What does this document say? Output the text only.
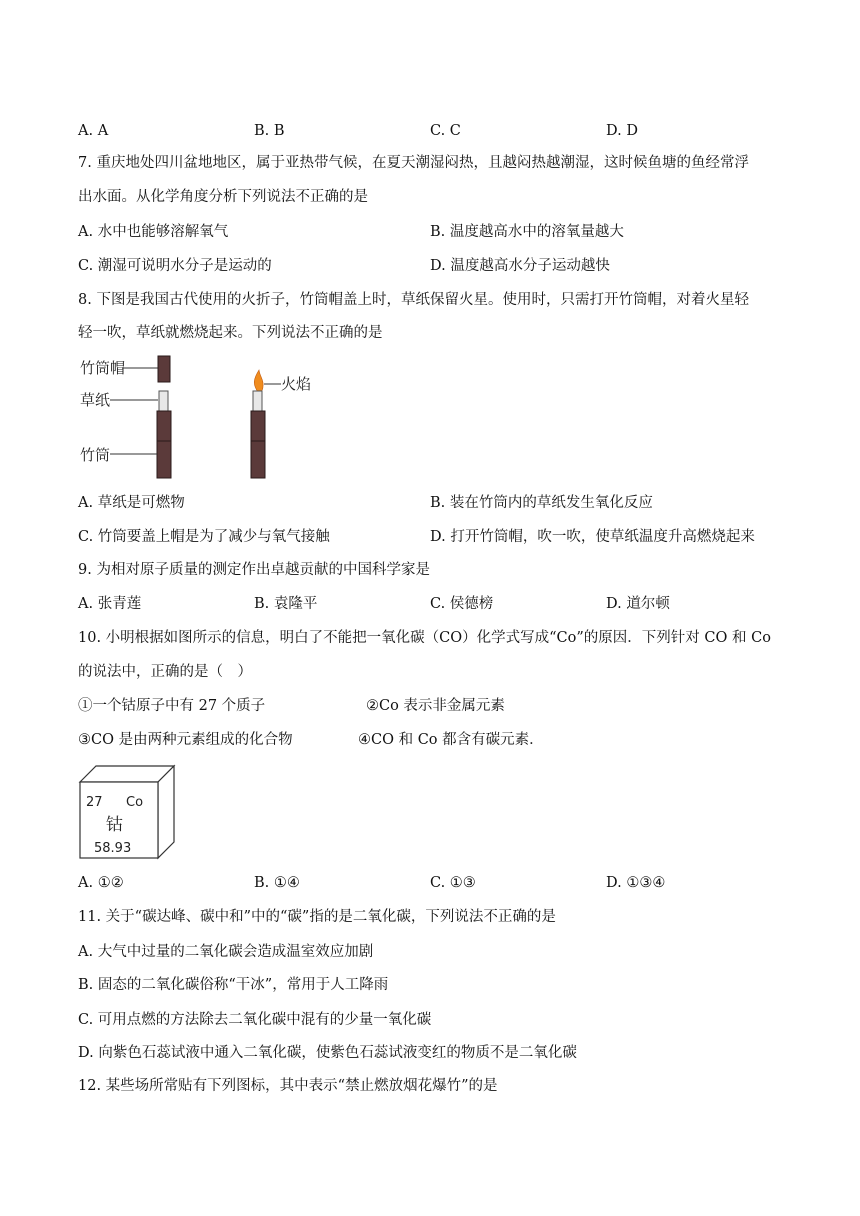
A. A	B. B	C. C	D. D
7. 重庆地处四川盆地地区，属于亚热带气候，在夏天潮湿闷热，且越闷热越潮湿，这时候鱼塘的鱼经常浮
出水面。从化学角度分析下列说法不正确的是
A. 水中也能够溶解氧气	B. 温度越高水中的溶氧量越大
C. 潮湿可说明水分子是运动的	D. 温度越高水分子运动越快
8. 下图是我国古代使用的火折子，竹筒帽盖上时，草纸保留火星。使用时，只需打开竹筒帽，对着火星轻
轻一吹，草纸就燃烧起来。下列说法不正确的是
竹筒帽
草纸
竹筒
火焰
A. 草纸是可燃物	B. 装在竹筒内的草纸发生氧化反应
C. 竹筒要盖上帽是为了减少与氧气接触	D. 打开竹筒帽，吹一吹，使草纸温度升高燃烧起来
9. 为相对原子质量的测定作出卓越贡献的中国科学家是
A. 张青莲	B. 袁隆平	C. 侯德榜	D. 道尔顿
10. 小明根据如图所示的信息，明白了不能把一氧化碳（CO）化学式写成“Co”的原因．下列针对 CO 和 Co
的说法中，正确的是（　）
①一个钴原子中有 27 个质子	②Co 表示非金属元素
③CO 是由两种元素组成的化合物	④CO 和 Co 都含有碳元素．
27 Co
钴
58.93
A. ①②	B. ①④	C. ①③	D. ①③④
11. 关于“碳达峰、碳中和”中的“碳”指的是二氧化碳，下列说法不正确的是
A. 大气中过量的二氧化碳会造成温室效应加剧
B. 固态的二氧化碳俗称“干冰”，常用于人工降雨
C. 可用点燃的方法除去二氧化碳中混有的少量一氧化碳
D. 向紫色石蕊试液中通入二氧化碳，使紫色石蕊试液变红的物质不是二氧化碳
12. 某些场所常贴有下列图标，其中表示“禁止燃放烟花爆竹”的是
